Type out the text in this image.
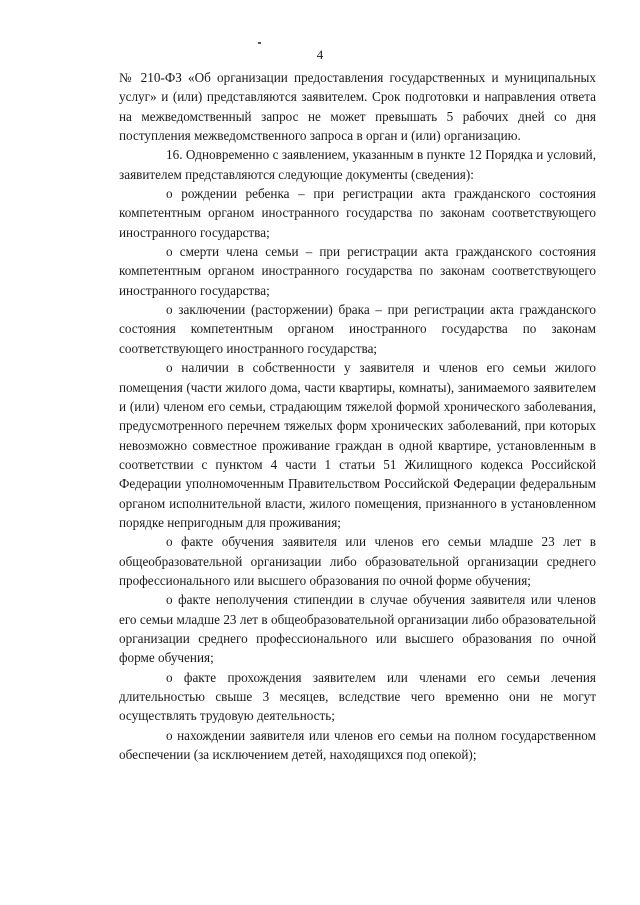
4

№ 210-ФЗ «Об организации предоставления государственных и муниципальных услуг» и (или) представляются заявителем. Срок подготовки и направления ответа на межведомственный запрос не может превышать 5 рабочих дней со дня поступления межведомственного запроса в орган и (или) организацию.

16. Одновременно с заявлением, указанным в пункте 12 Порядка и условий, заявителем представляются следующие документы (сведения):

о рождении ребенка – при регистрации акта гражданского состояния компетентным органом иностранного государства по законам соответствующего иностранного государства;

о смерти члена семьи – при регистрации акта гражданского состояния компетентным органом иностранного государства по законам соответствующего иностранного государства;

о заключении (расторжении) брака – при регистрации акта гражданского состояния компетентным органом иностранного государства по законам соответствующего иностранного государства;

о наличии в собственности у заявителя и членов его семьи жилого помещения (части жилого дома, части квартиры, комнаты), занимаемого заявителем и (или) членом его семьи, страдающим тяжелой формой хронического заболевания, предусмотренного перечнем тяжелых форм хронических заболеваний, при которых невозможно совместное проживание граждан в одной квартире, установленным в соответствии с пунктом 4 части 1 статьи 51 Жилищного кодекса Российской Федерации уполномоченным Правительством Российской Федерации федеральным органом исполнительной власти, жилого помещения, признанного в установленном порядке непригодным для проживания;

о факте обучения заявителя или членов его семьи младше 23 лет в общеобразовательной организации либо образовательной организации среднего профессионального или высшего образования по очной форме обучения;

о факте неполучения стипендии в случае обучения заявителя или членов его семьи младше 23 лет в общеобразовательной организации либо образовательной организации среднего профессионального или высшего образования по очной форме обучения;

о факте прохождения заявителем или членами его семьи лечения длительностью свыше 3 месяцев, вследствие чего временно они не могут осуществлять трудовую деятельность;

о нахождении заявителя или членов его семьи на полном государственном обеспечении (за исключением детей, находящихся под опекой);
